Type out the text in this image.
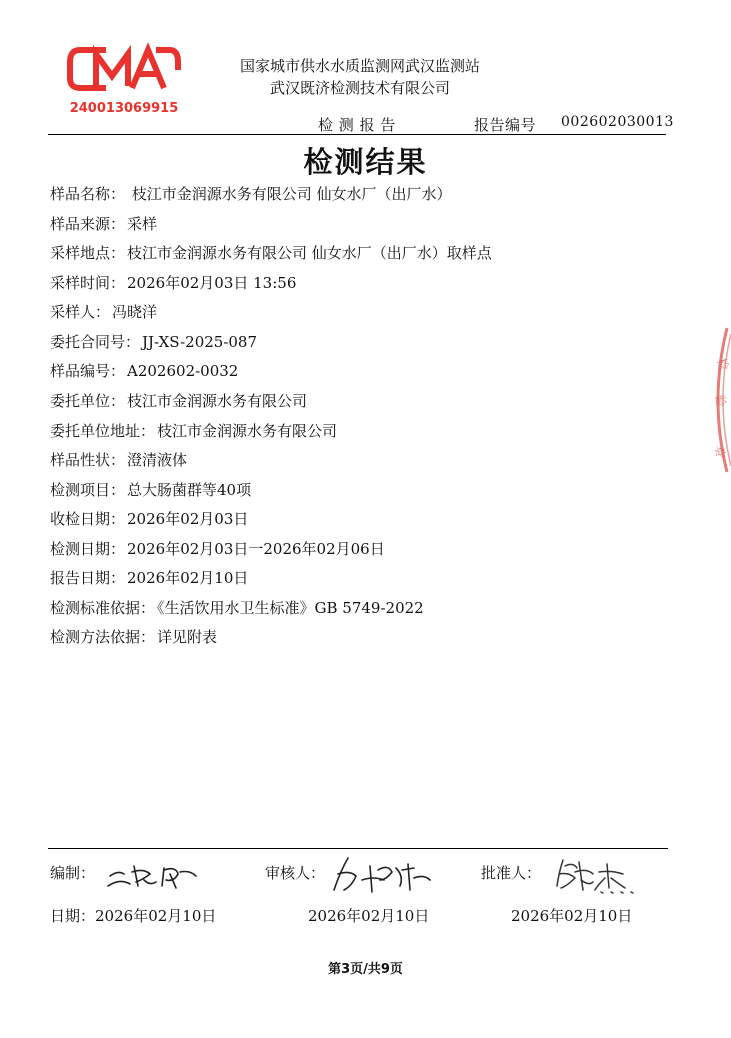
240013069915
国家城市供水水质监测网武汉监测站
武汉既济检测技术有限公司
检 测 报 告	报告编号 002602030013
检测结果
样品名称： 枝江市金润源水务有限公司 仙女水厂（出厂水）
样品来源： 采样
采样地点： 枝江市金润源水务有限公司 仙女水厂（出厂水）取样点
采样时间： 2026年02月03日 13:56
采样人： 冯晓洋
委托合同号： JJ-XS-2025-087
样品编号： A202602-0032
委托单位： 枝江市金润源水务有限公司
委托单位地址： 枝江市金润源水务有限公司
样品性状： 澄清液体
检测项目： 总大肠菌群等40项
收检日期： 2026年02月03日
检测日期： 2026年02月03日一2026年02月06日
报告日期： 2026年02月10日
检测标准依据： 《生活饮用水卫生标准》GB 5749-2022
检测方法依据： 详见附表
检
验
章
编制：	审核人：	批准人：
日期：2026年02月10日	2026年02月10日	2026年02月10日
第3页/共9页
